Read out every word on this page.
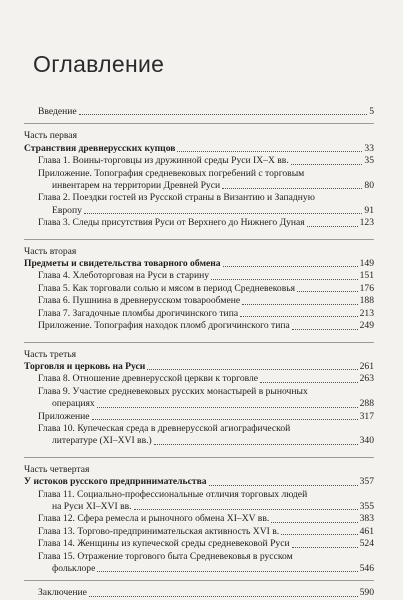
Оглавление
Введение	5
Часть первая
Странствия древнерусских купцов	33
Глава 1. Воины-торговцы из дружинной среды Руси IX–X вв.	35
Приложение. Топография средневековых погребений с торговым
инвентарем на территории Древней Руси	80
Глава 2. Поездки гостей из Русской страны в Византию и Западную
Европу	91
Глава 3. Следы присутствия Руси от Верхнего до Нижнего Дуная	123
Часть вторая
Предметы и свидетельства товарного обмена	149
Глава 4. Хлеботорговая на Руси в старину	151
Глава 5. Как торговали солью и мясом в период Средневековья	176
Глава 6. Пушнина в древнерусском товарообмене	188
Глава 7. Загадочные пломбы дрогичинского типа	213
Приложение. Топография находок пломб дрогичинского типа	249
Часть третья
Торговля и церковь на Руси	261
Глава 8. Отношение древнерусской церкви к торговле	263
Глава 9. Участие средневековых русских монастырей в рыночных
операциях	288
Приложение	317
Глава 10. Купеческая среда в древнерусской агиографической
литературе (XI–XVI вв.)	340
Часть четвертая
У истоков русского предпринимательства	357
Глава 11. Социально-профессиональные отличия торговых людей
на Руси XI–XVI вв.	355
Глава 12. Сфера ремесла и рыночного обмена XI–XV вв.	383
Глава 13. Торгово-предпринимательская активность XVI в.	461
Глава 14. Женщины из купеческой среды средневековой Руси	524
Глава 15. Отражение торгового быта Средневековья в русском
фольклоре	546
Заключение	590
